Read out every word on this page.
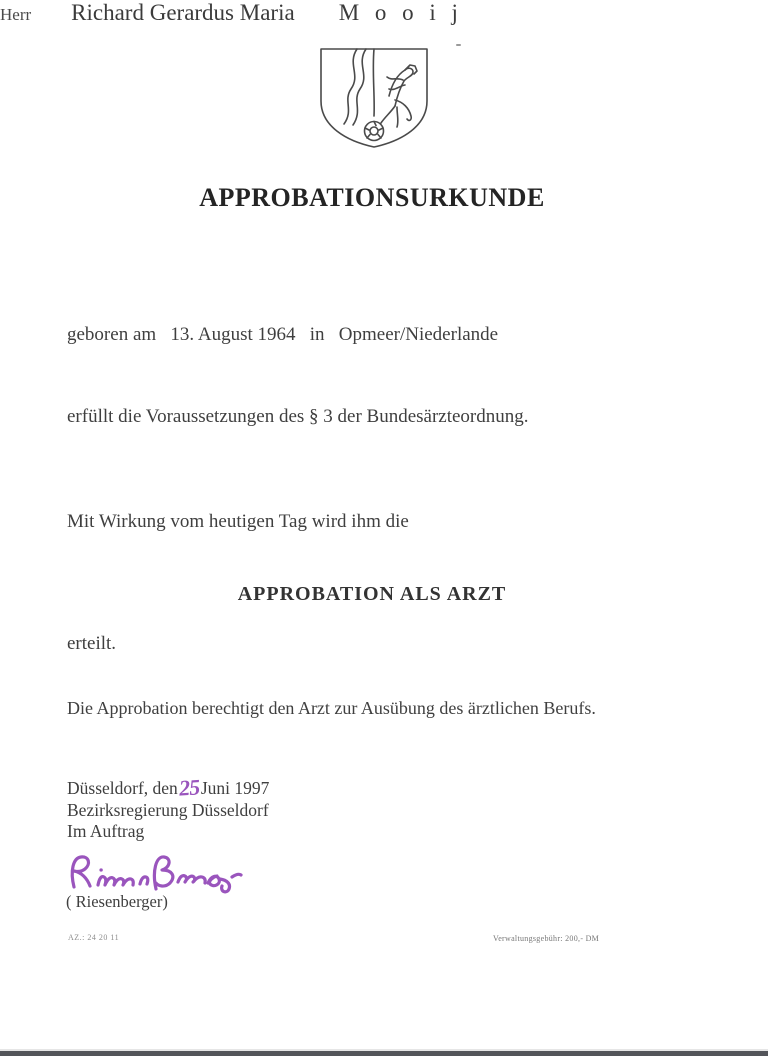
APPROBATIONSURKUNDE
Herr Richard Gerardus Maria M o o i j
geboren am   13. August 1964   in   Opmeer/Niederlande
erfüllt die Voraussetzungen des § 3 der Bundesärzteordnung.
Mit Wirkung vom heutigen Tag wird ihm die
APPROBATION ALS ARZT
erteilt.
Die Approbation berechtigt den Arzt zur Ausübung des ärztlichen Berufs.
Düsseldorf, den 25 Juni 1997
Bezirksregierung Düsseldorf
Im Auftrag
( Riesenberger)
AZ.: 24 20 11	Verwaltungsgebühr: 200,- DM
